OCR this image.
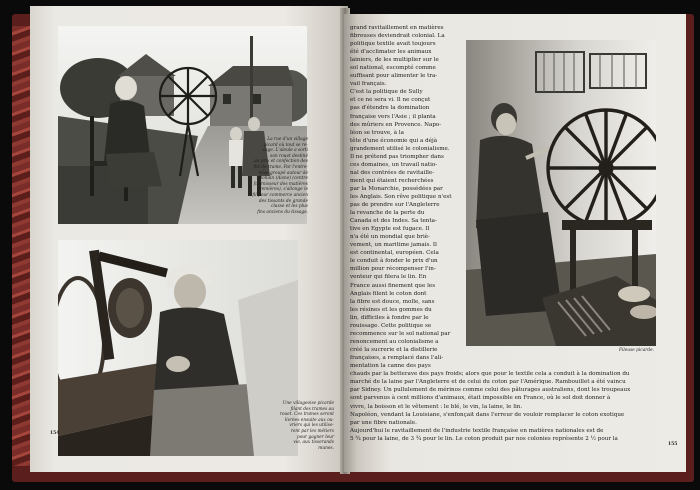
La rue d'un village
picard où tout se re-
sage. L'aïeule a sorti
son rouet destiné
au prix et confection des
fils de trame. Par l'entre-
mise groupé autour de
Bohain (Aisne) (centre
fournisseur des matières
premières), s'allonge le
fil pour commerce ancien
des tissants de grande
classe et les plus
fins anciens du tissage.
Une villageoise picarde
filant des trames au
rouet. Ces trames seront
livrées ensuite aux ou-
vriers qui les utilise-
ront par les métiers
pour gagner leur
vie, aux tisserands
munes.
154
grand ravitaillement en matières
fibreuses deviendrait colonial. La
politique textile avait toujours
été d'acclimater les animaux
lainiers, de les multiplier sur le
sol national, escompté comme
suffisant pour alimenter le tra-
vail français.
C'est la politique de Sully
et ce ne sera vi. Il ne conçut
pas d'étendre la domination
française vers l'Asie ; il planta
des mûriers en Provence. Napo-
léon se trouve, à la
tête d'une économie qui a déjà
grandement utilisé le colonialisme.
Il ne prétend pas triompher dans
ces domaines, un travail natio-
nal des contrées de ravitaille-
ment qui étaient recherchées
par la Monarchie, possédées par
les Anglais. Son rêve politique n'est
pas de prendre sur l'Angleterre
la revanche de la perte du
Canada et des Indes. Sa tenta-
tive en Egypte est fugace. Il
n'a été un mondial que briè-
vement, un maritime jamais. Il
est continental, européen. Cela
le conduit à fonder le prix d'un
million pour récompenser l'in-
venteur qui filera le lin. En
France aussi finement que les
Anglais filent le coton dont
la fibre est douce, molle, sans
les résines et les gommes du
lin, difficiles à fondre par le
rouissage. Cette politique se
recommence sur le sol national par
renoncement au colonialisme a
créé la sucrerie et la distillerie
françaises, a remplacé dans l'ali-
mentation la canne des pays
Fileuse picarde.
chauds par la betterave des pays froids; alors que pour le textile cela a conduit à la domination du
marché de la laine par l'Angleterre et de celui du coton par l'Amérique. Rambouillet a été vaincu
par Sidney. Un pullulement de mérinos comme celui des pâturages australiens, dont les troupeaux
sont parvenus à cent millions d'animaux, était impossible en France, où le sol doit donner à
vivre, la boisson et le vêtement : le blé, le vin, la laine, le lin.
Napoléon, vendant la Louisiane, s'enfonçait dans l'erreur de vouloir remplacer le coton exotique
par une fibre nationale.
Aujourd'hui le ravitaillement de l'industrie textile française en matières nationales est de
5 ¾ pour la laine, de 3 ¾ pour le lin. Le coton produit par nos colonies représente 2 ½ pour la
155
